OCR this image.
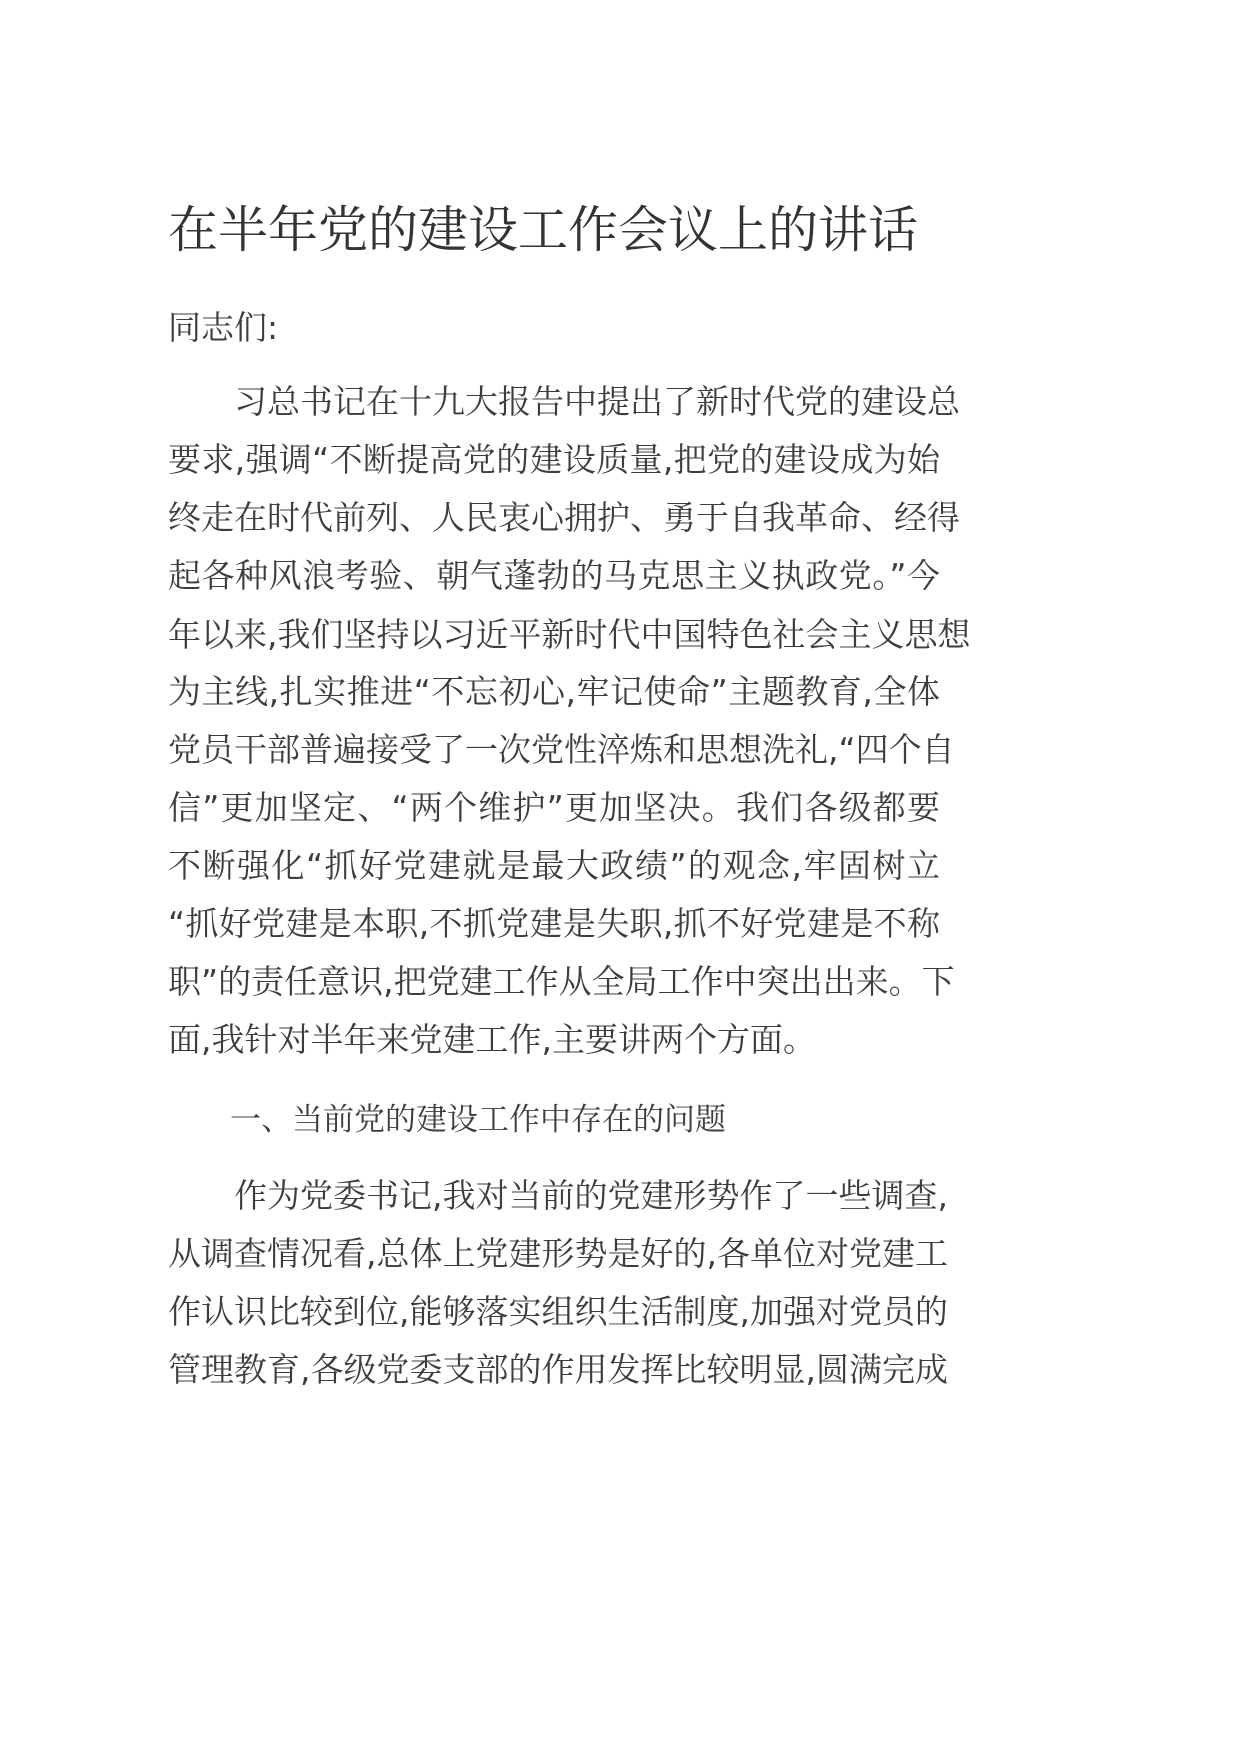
在半年党的建设工作会议上的讲话
同志们:
　　习总书记在十九大报告中提出了新时代党的建设总
要求,强调“不断提高党的建设质量,把党的建设成为始
终走在时代前列、人民衷心拥护、勇于自我革命、经得
起各种风浪考验、朝气蓬勃的马克思主义执政党。”今
年以来,我们坚持以习近平新时代中国特色社会主义思想
为主线,扎实推进“不忘初心,牢记使命”主题教育,全体
党员干部普遍接受了一次党性淬炼和思想洗礼,“四个自
信”更加坚定、“两个维护”更加坚决。我们各级都要
不断强化“抓好党建就是最大政绩”的观念,牢固树立
“抓好党建是本职,不抓党建是失职,抓不好党建是不称
职”的责任意识,把党建工作从全局工作中突出出来。下
面,我针对半年来党建工作,主要讲两个方面。
　　一、当前党的建设工作中存在的问题
　　作为党委书记,我对当前的党建形势作了一些调查,
从调查情况看,总体上党建形势是好的,各单位对党建工
作认识比较到位,能够落实组织生活制度,加强对党员的
管理教育,各级党委支部的作用发挥比较明显,圆满完成
